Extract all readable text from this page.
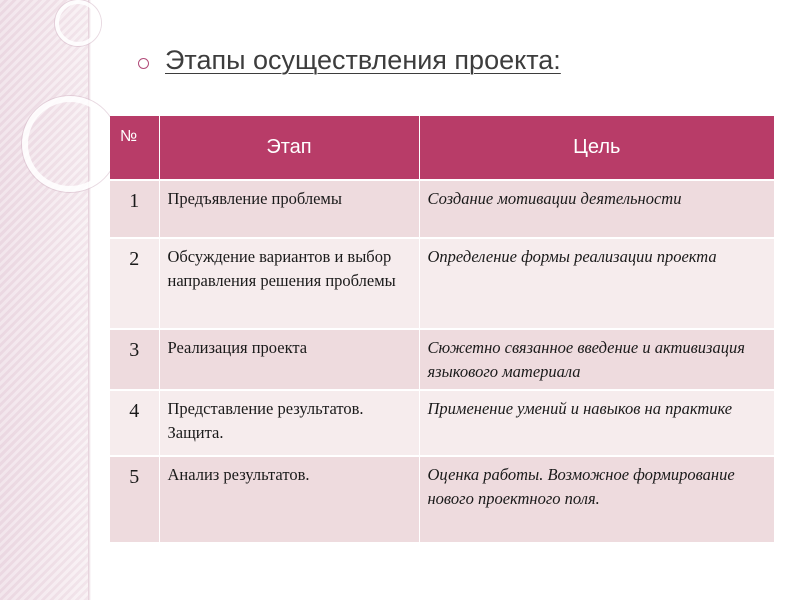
Этапы осуществления проекта:
№	Этап	Цель
1	Предъявление проблемы	Создание мотивации деятельности
2	Обсуждение вариантов и выбор направления решения проблемы	Определение формы реализации проекта
3	Реализация проекта	Сюжетно связанное введение и активизация языкового материала
4	Представление результатов. Защита.	Применение умений и навыков на практике
5	Анализ результатов.	Оценка работы. Возможное формирование нового проектного поля.
